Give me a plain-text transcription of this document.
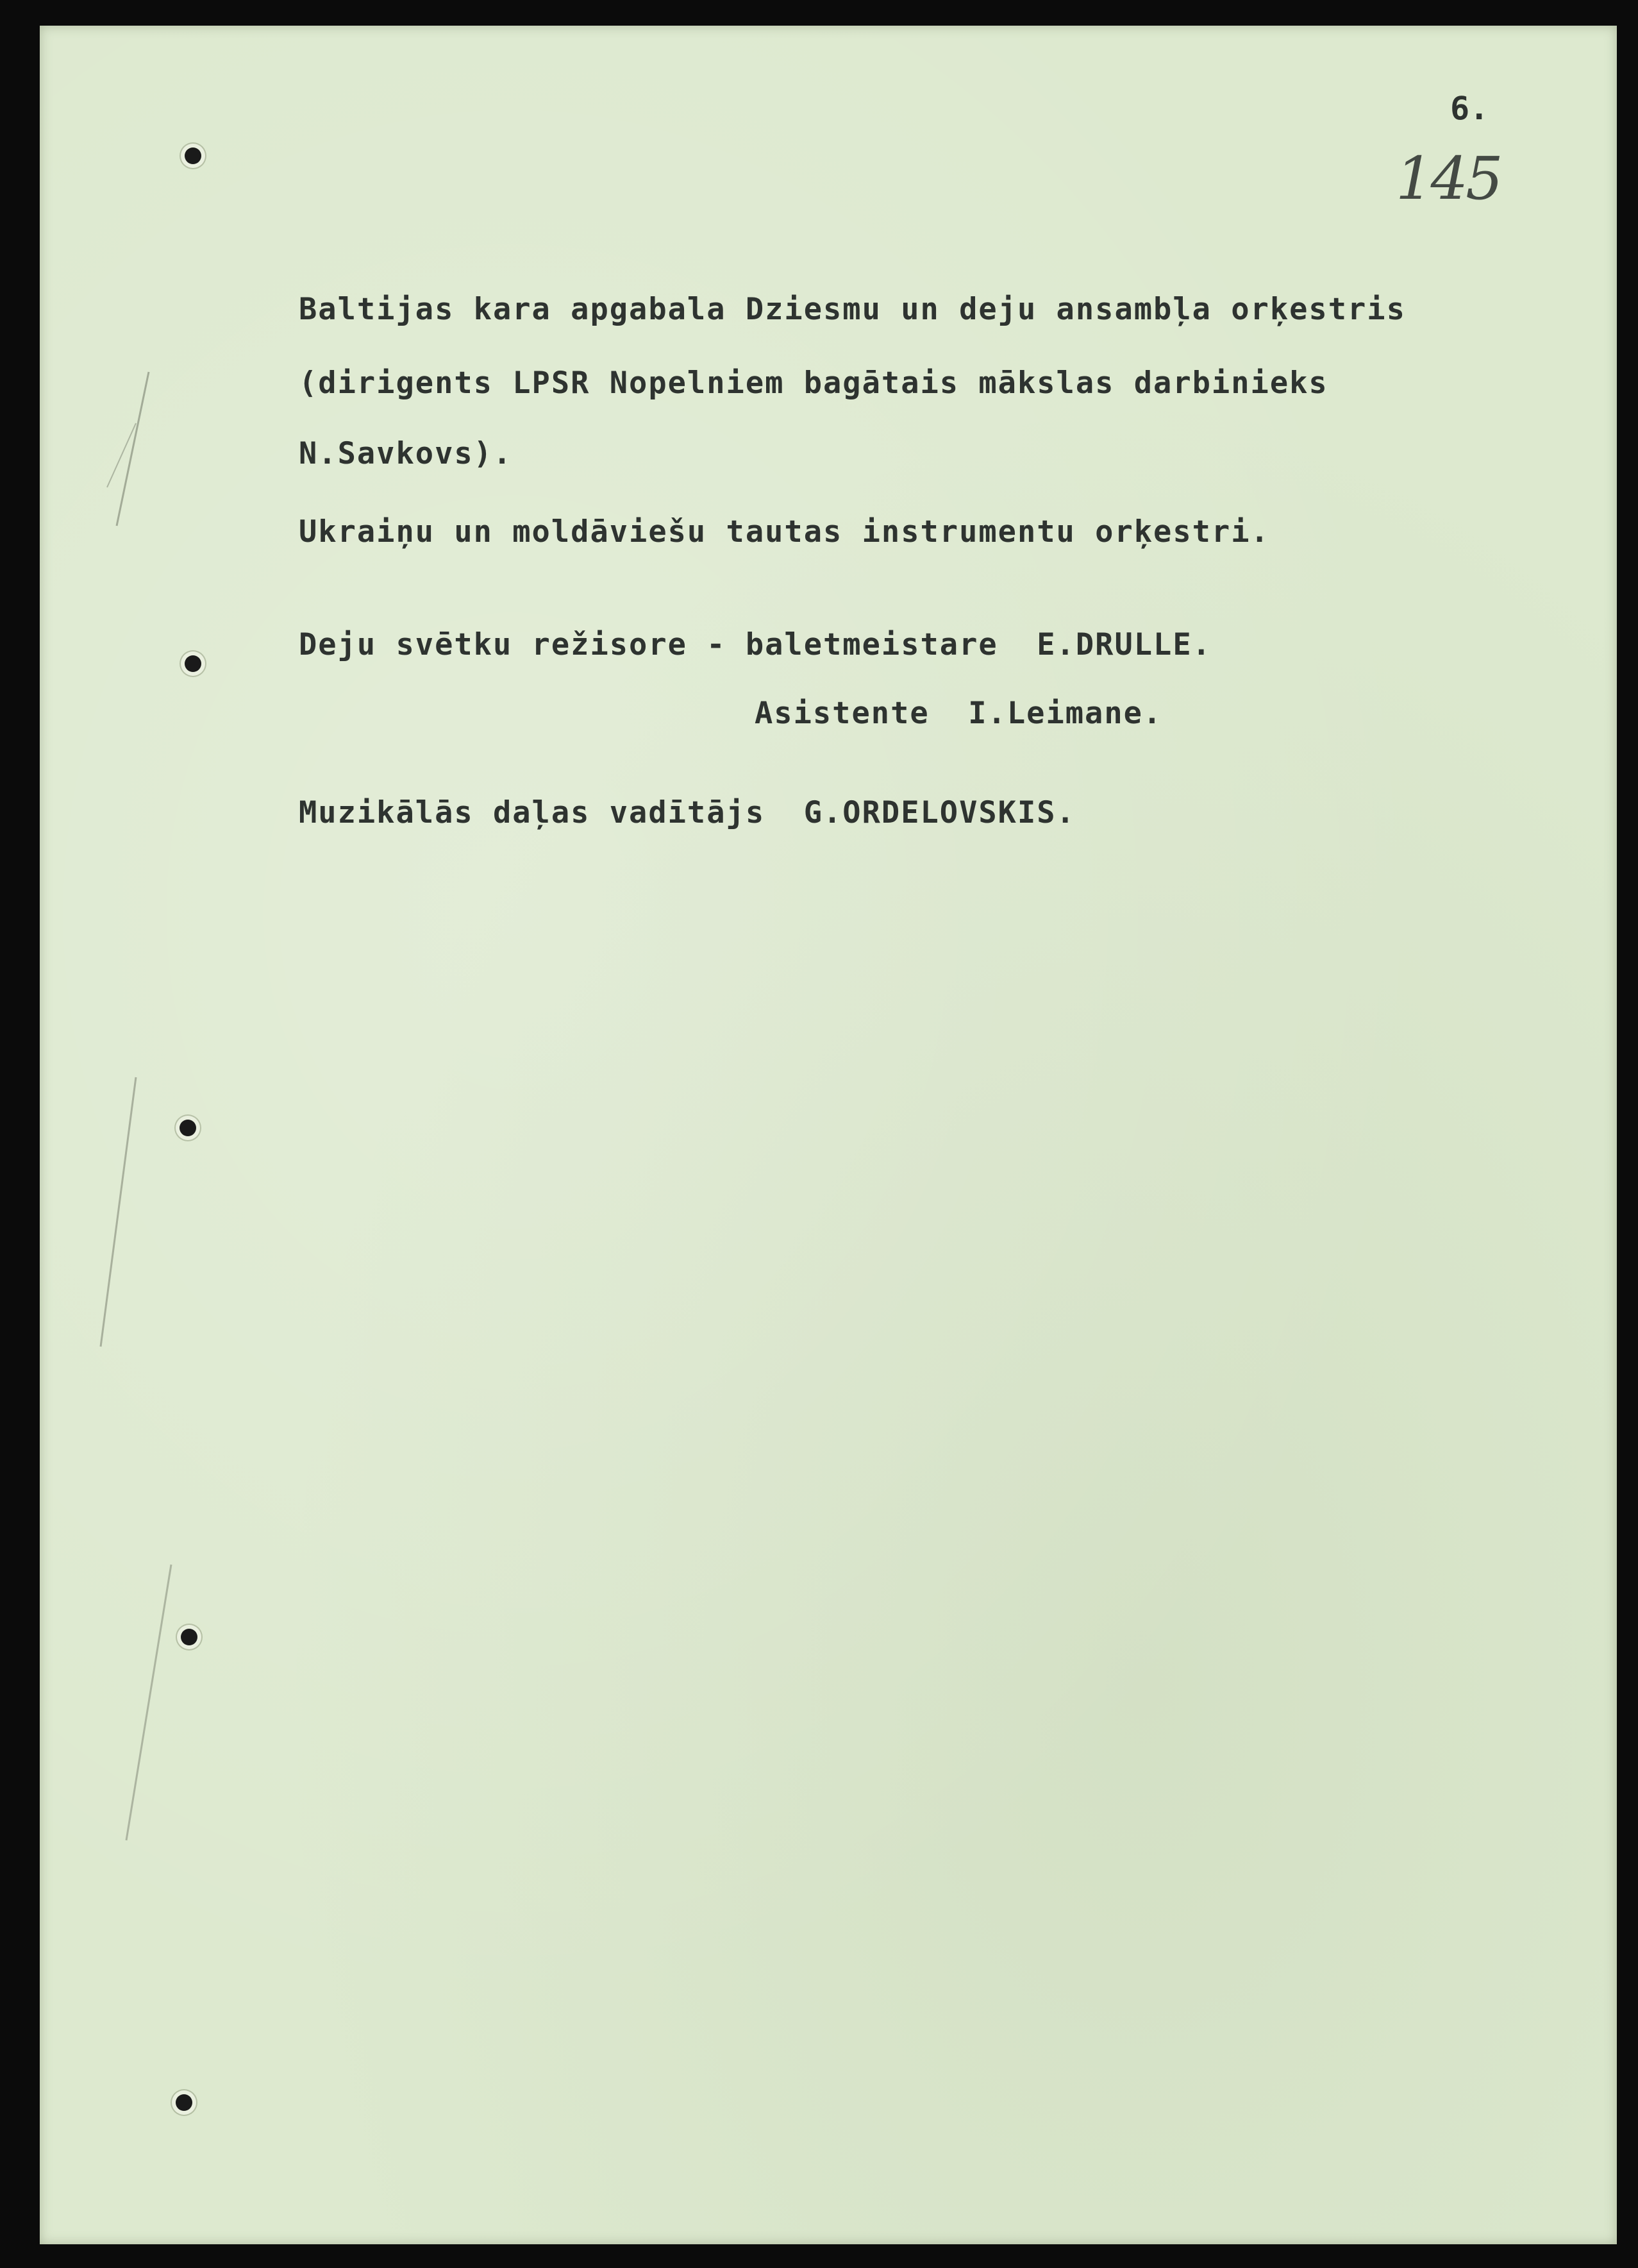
6.
145
Baltijas kara apgabala Dziesmu un deju ansambļa orķestris
(dirigents LPSR Nopelniem bagātais mākslas darbinieks
N.Savkovs).
Ukraiņu un moldāviešu tautas instrumentu orķestri.
Deju svētku režisore - baletmeistare  E.DRULLE.
Asistente  I.Leimane.
Muzikālās daļas vadītājs  G.ORDELOVSKIS.
